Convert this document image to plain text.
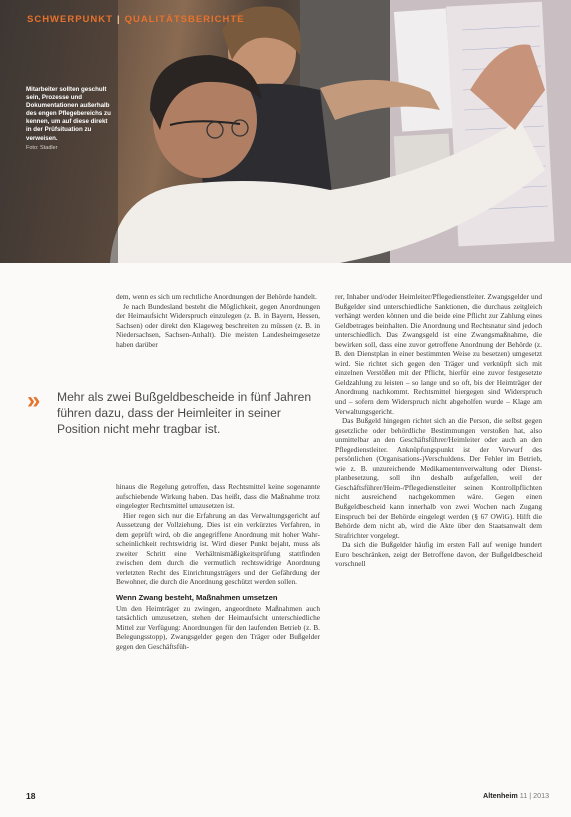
SCHWERPUNKT | QUALITÄTSBERICHTE
Mitarbeiter sollten geschult sein, Prozesse und Dokumentationen außerhalb des engen Pflegebereichs zu kennen, um auf diese direkt in der Prüfsituation zu verweisen.
Foto: Stadler

dem, wenn es sich um rechtliche Anordnungen der Behörde handelt.

Je nach Bundesland besteht die Möglichkeit, gegen Anordnungen der Heimaufsicht Widerspruch einzulegen (z. B. in Bayern, Hessen, Sachsen) oder direkt den Klageweg beschreiten zu müssen (z. B. in Niedersachsen, Sachsen-Anhalt). Die meisten Landesheimgesetze haben darüber

» Mehr als zwei Bußgeldbescheide in fünf Jahren führen dazu, dass der Heimleiter in seiner Position nicht mehr tragbar ist.

hinaus die Regelung getroffen, dass Rechtsmittel keine sogenannte aufschiebende Wirkung haben. Das heißt, dass die Maßnahme trotz eingelegter Rechtsmittel umzusetzen ist.

Hier regen sich nur die Erfahrung an das Verwaltungsgericht auf Aussetzung der Vollziehung. Dies ist ein verkürztes Verfahren, in dem geprüft wird, ob die angegriffene Anordnung mit hoher Wahrscheinlichkeit rechtswidrig ist. Wird dieser Punkt bejaht, muss als zweiter Schritt eine Verhältnismäßigkeitsprüfung stattfinden zwischen dem durch die vermutlich rechtswidrige Anordnung verletzten Recht des Einrichtungsträgers und der Gefährdung der Bewohner, die durch die Anordnung geschützt werden sollen.

Wenn Zwang besteht, Maßnahmen umsetzen

Um den Heimträger zu zwingen, angeordnete Maßnahmen auch tatsächlich umzusetzen, stehen der Heimaufsicht unterschiedliche Mittel zur Verfügung: Anordnungen für den laufenden Betrieb (z. B. Belegungsstopp), Zwangsgelder gegen den Träger oder Bußgelder gegen den Geschäftsfüh-

rer, Inhaber und/oder Heimleiter/Pflegedienstleiter. Zwangsgelder und Bußgelder sind unterschiedliche Sanktionen, die durchaus zeitgleich verhängt werden können und die beide eine Pflicht zur Zahlung eines Geldbetrages beinhalten. Die Anordnung und Rechtsnatur sind jedoch unterschiedlich. Das Zwangsgeld ist eine Zwangsmaßnahme, die bewirken soll, dass eine zuvor getroffene Anordnung der Behörde (z. B. den Dienstplan in einer bestimmten Weise zu besetzen) umgesetzt wird. Sie richtet sich gegen den Träger und verknüpft sich mit einzelnen Verstößen mit der Pflicht, hierfür eine zuvor festgesetzte Geldzahlung zu leisten – so lange und so oft, bis der Heimträger der Anordnung nachkommt. Rechtsmittel hiergegen sind Widerspruch und – sofern dem Widerspruch nicht abgeholfen wurde – Klage am Verwaltungsgericht.

Das Bußgeld hingegen richtet sich an die Person, die selbst gegen gesetzliche oder behördliche Bestimmungen verstoßen hat, also unmittelbar an den Geschäftsführer/Heimleiter oder auch an den Pflegedienstleiter. Anknüpfungspunkt ist der Vorwurf des persönlichen (Organisations-)Verschuldens. Der Fehler im Betrieb, wie z. B. unzureichende Medikamentenverwaltung oder Dienstplanbesetzung, soll ihn deshalb aufgefallen, weil der Geschäftsführer/Heim-/Pflegedienstleiter seinen Kontrollpflichten nicht ausreichend nachgekommen wäre. Gegen einen Bußgeldbescheid kann innerhalb von zwei Wochen nach Zugang Einspruch bei der Behörde eingelegt werden (§ 67 OWiG). Hilft die Behörde dem nicht ab, wird die Akte über den Staatsanwalt dem Strafrichter vorgelegt.

Da sich die Bußgelder häufig im ersten Fall auf wenige hundert Euro beschränken, zeigt der Betroffene davon, der Bußgeldbescheid vorschnell

18	Altenheim 11 | 2013
